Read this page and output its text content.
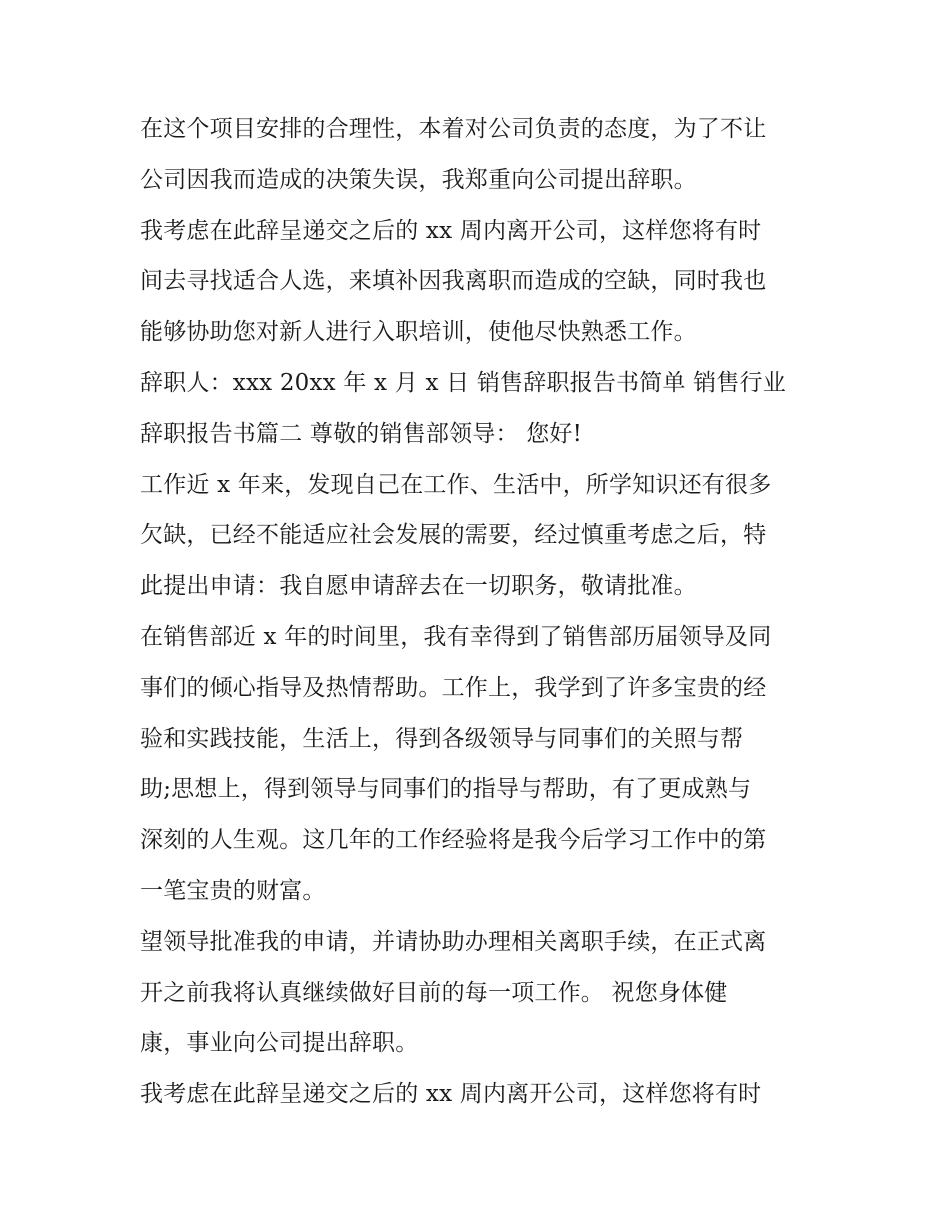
在这个项目安排的合理性，本着对公司负责的态度，为了不让
公司因我而造成的决策失误，我郑重向公司提出辞职。
我考虑在此辞呈递交之后的 xx 周内离开公司，这样您将有时
间去寻找适合人选，来填补因我离职而造成的空缺，同时我也
能够协助您对新人进行入职培训，使他尽快熟悉工作。
辞职人：xxx 20xx 年 x 月 x 日 销售辞职报告书简单 销售行业
辞职报告书篇二 尊敬的销售部领导： 您好!
工作近 x 年来，发现自己在工作、生活中，所学知识还有很多
欠缺，已经不能适应社会发展的需要，经过慎重考虑之后，特
此提出申请：我自愿申请辞去在一切职务，敬请批准。
在销售部近 x 年的时间里，我有幸得到了销售部历届领导及同
事们的倾心指导及热情帮助。工作上，我学到了许多宝贵的经
验和实践技能，生活上，得到各级领导与同事们的关照与帮
助;思想上，得到领导与同事们的指导与帮助，有了更成熟与
深刻的人生观。这几年的工作经验将是我今后学习工作中的第
一笔宝贵的财富。
望领导批准我的申请，并请协助办理相关离职手续，在正式离
开之前我将认真继续做好目前的每一项工作。 祝您身体健
康，事业向公司提出辞职。
我考虑在此辞呈递交之后的 xx 周内离开公司，这样您将有时
